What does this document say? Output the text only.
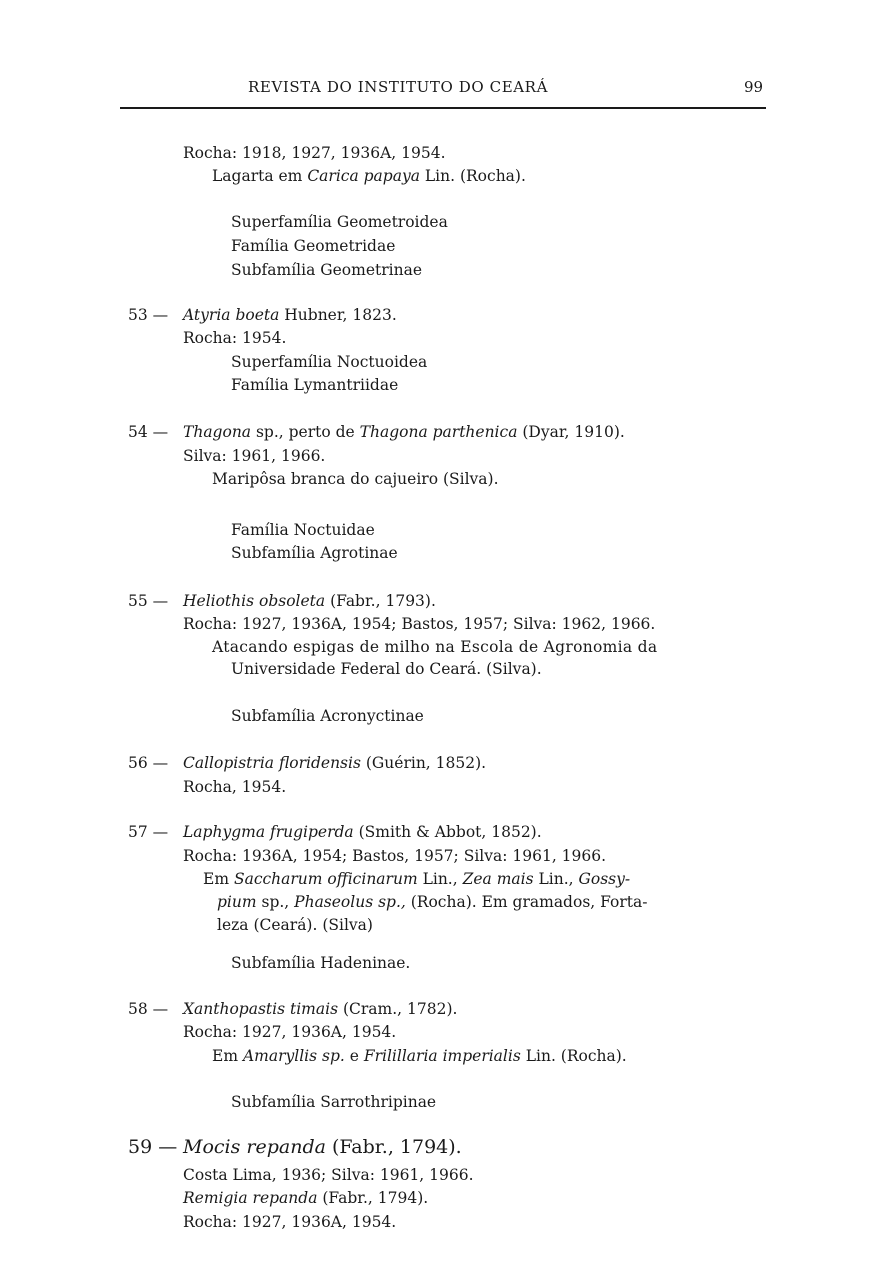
REVISTA DO INSTITUTO DO CEARÁ	99
Rocha: 1918, 1927, 1936A, 1954.
Lagarta em Carica papaya Lin. (Rocha).
Superfamília Geometroidea
Família Geometridae
Subfamília Geometrinae
53 — Atyria boeta Hubner, 1823.
Rocha: 1954.
Superfamília Noctuoidea
Família Lymantriidae
54 — Thagona sp., perto de Thagona parthenica (Dyar, 1910).
Silva: 1961, 1966.
Maripôsa branca do cajueiro (Silva).
Família Noctuidae
Subfamília Agrotinae
55 — Heliothis obsoleta (Fabr., 1793).
Rocha: 1927, 1936A, 1954; Bastos, 1957; Silva: 1962, 1966.
Atacando espigas de milho na Escola de Agronomia da
Universidade Federal do Ceará. (Silva).
Subfamília Acronyctinae
56 — Callopistria floridensis (Guérin, 1852).
Rocha, 1954.
57 — Laphygma frugiperda (Smith & Abbot, 1852).
Rocha: 1936A, 1954; Bastos, 1957; Silva: 1961, 1966.
Em Saccharum officinarum Lin., Zea mais Lin., Gossy-
pium sp., Phaseolus sp., (Rocha). Em gramados, Forta-
leza (Ceará). (Silva)
Subfamília Hadeninae.
58 — Xanthopastis timais (Cram., 1782).
Rocha: 1927, 1936A, 1954.
Em Amaryllis sp. e Frilillaria imperialis Lin. (Rocha).
Subfamília Sarrothripinae
59 — Mocis repanda (Fabr., 1794).
Costa Lima, 1936; Silva: 1961, 1966.
Remigia repanda (Fabr., 1794).
Rocha: 1927, 1936A, 1954.
